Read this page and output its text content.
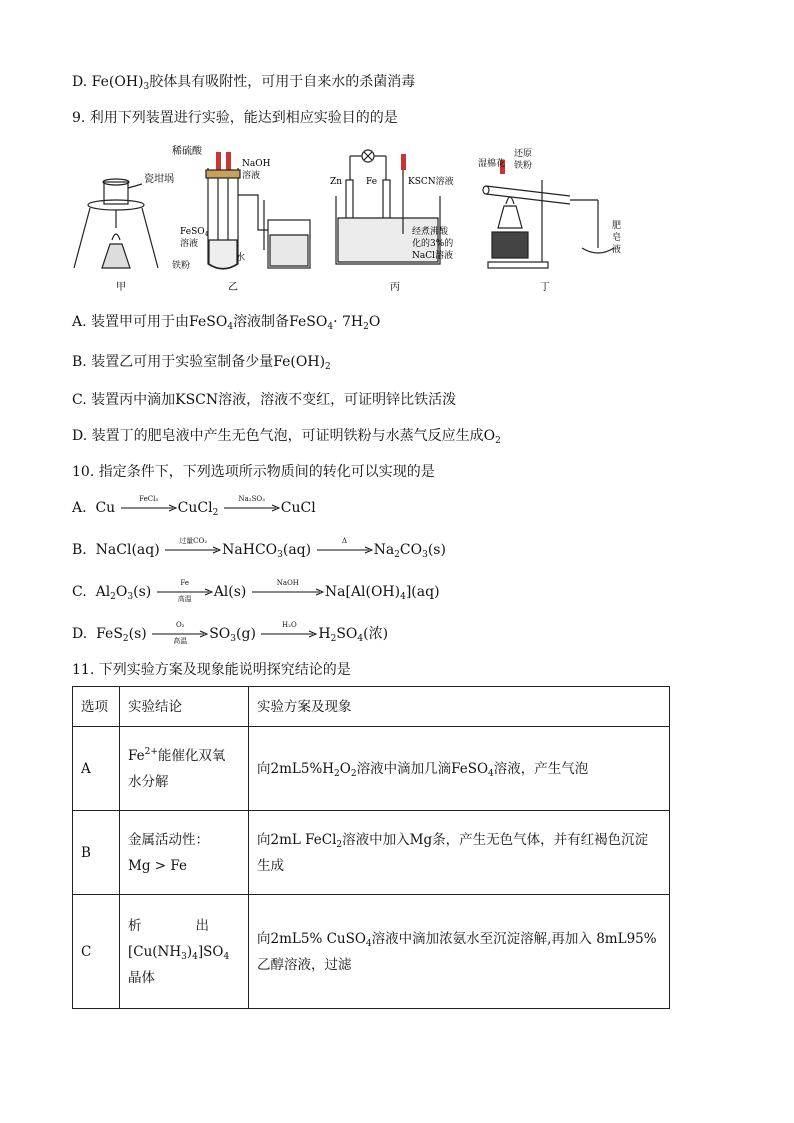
D. $Fe(OH)_3$胶体具有吸附性，可用于自来水的杀菌消毒
9. 利用下列装置进行实验，能达到相应实验目的的是
瓷坩埚
甲
稀硫酸
NaOH
溶液
FeSO$_4$
溶液
铁粉
水
乙
Zn	Fe	KSCN溶液
经煮沸酸
化的3%的
NaCl溶液
丙
湿棉花
还原
铁粉
肥
皂
液
丁
A. 装置甲可用于由FeSO$_4$溶液制备FeSO$_4$· $7H_2O$
B. 装置乙可用于实验室制备少量$Fe(OH)_2$
C. 装置丙中滴加KSCN溶液，溶液不变红，可证明锌比铁活泼
D. 装置丁的肥皂液中产生无色气泡，可证明铁粉与水蒸气反应生成$O_2$
10. 指定条件下，下列选项所示物质间的转化可以实现的是
A. Cu
FeCl₃
CuCl$_2$
Na₂SO₃
CuCl
B. NaCl(aq)
过量CO₂
NaHCO$_3$(aq)
Δ
$Na_2CO_3(s)$
C. $Al_2O_3(s)$
Fe
高温	Al(s)
NaOH
$Na[Al(OH)_4](aq)$
D. FeS$_2$(s)
O₂
高温	$SO_3(g)$
H₂O
$H_2SO_4$(浓)
11. 下列实验方案及现象能说明探究结论的是
选项	实验结论	实验方案及现象
A	$Fe^{2+}$能催化双氧
水分解	向$2mL5\%H_2O_2$溶液中滴加几滴FeSO$_4$溶液，产生气泡
B	金属活动性：
Mg > Fe	向2mL FeCl$_2$溶液中加入Mg条，产生无色气体，并有红褐色沉淀
生成
C	析　　　　出
$[Cu(NH_3)_4]SO_4$
晶体	向2mL5% CuSO$_4$溶液中滴加浓氨水至沉淀溶解,再加入 8mL95%
乙醇溶液，过滤
